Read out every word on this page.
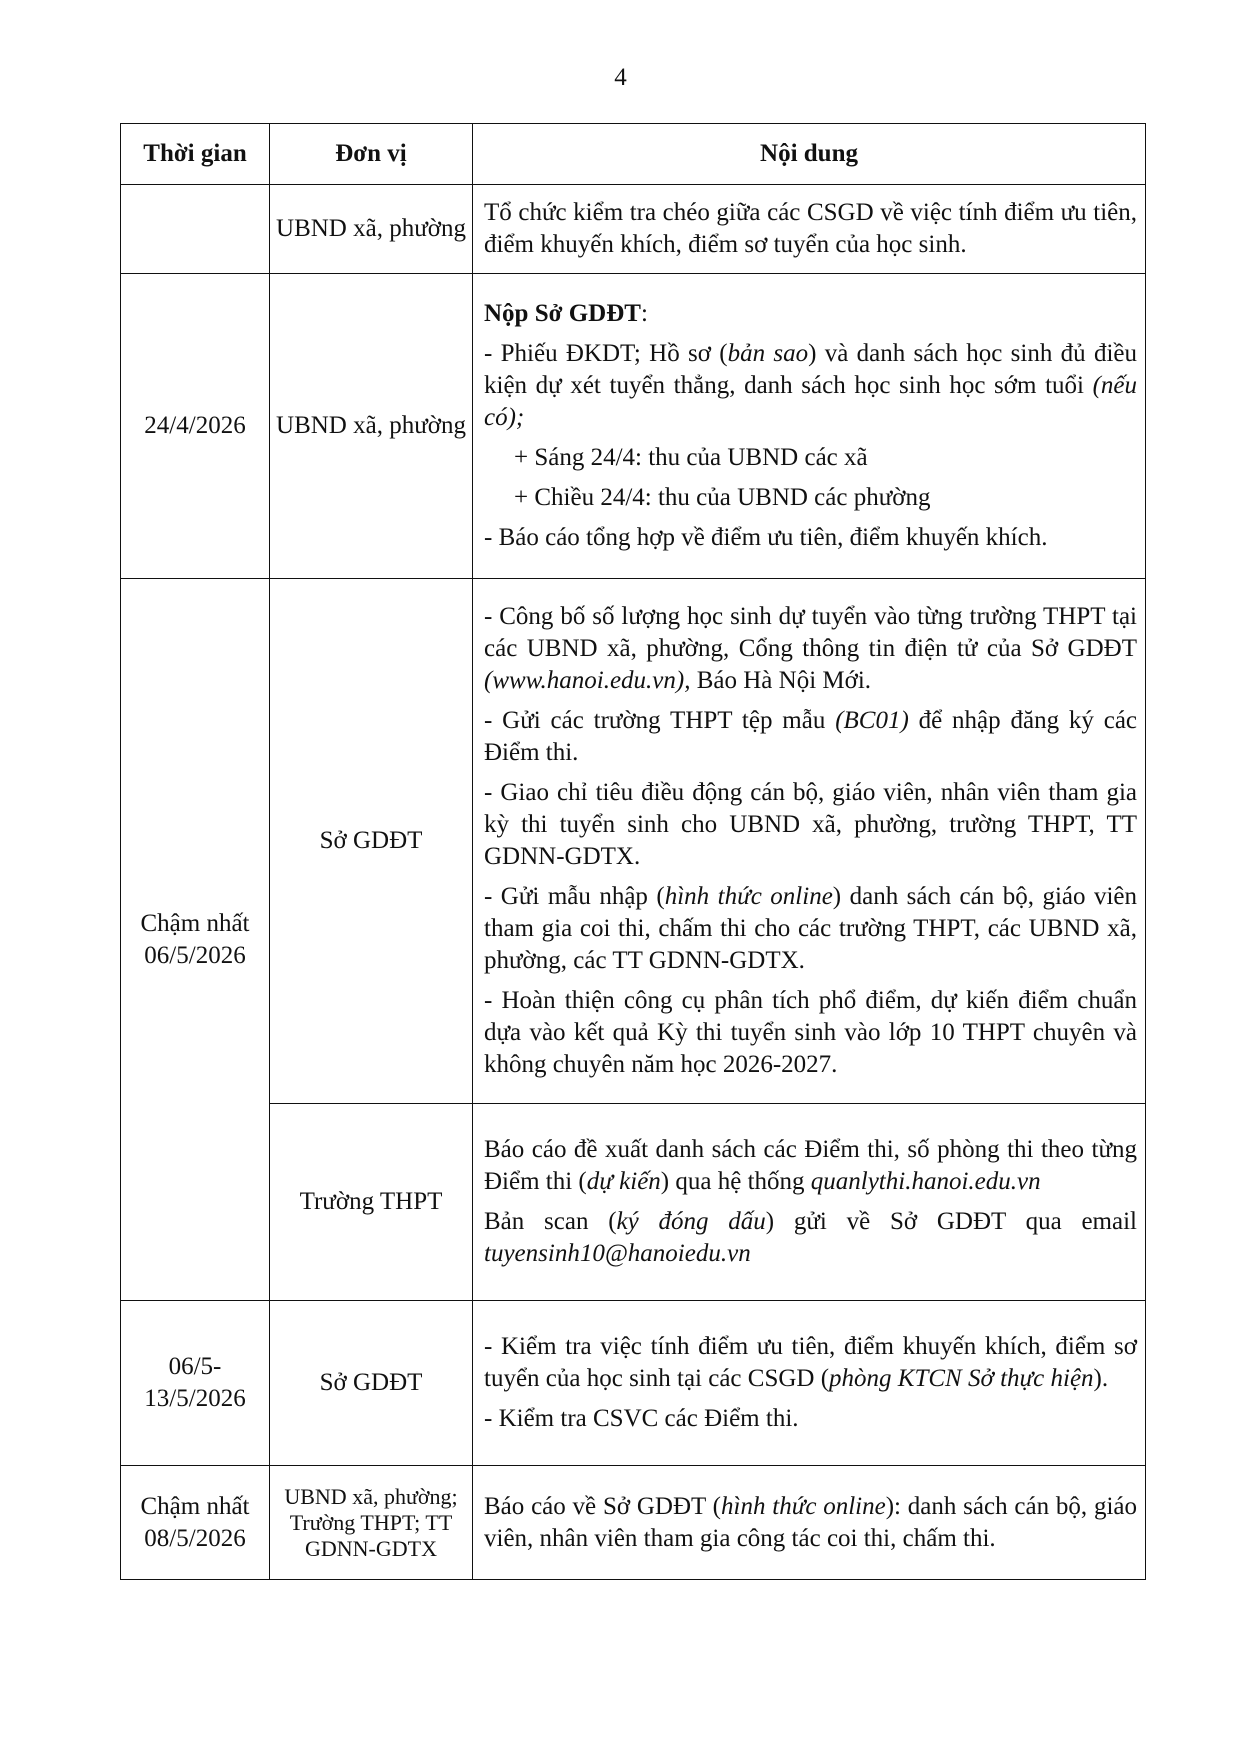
4
Thời gian	Đơn vị	Nội dung
	UBND xã, phường	Tổ chức kiểm tra chéo giữa các CSGD về việc tính điểm ưu tiên, điểm khuyến khích, điểm sơ tuyển của học sinh.

24/4/2026	UBND xã, phường	Nộp Sở GDĐT:

- Phiếu ĐKDT; Hồ sơ (bản sao) và danh sách học sinh đủ điều kiện dự xét tuyển thẳng, danh sách học sinh học sớm tuổi (nếu có);

+ Sáng 24/4: thu của UBND các xã

+ Chiều 24/4: thu của UBND các phường

- Báo cáo tổng hợp về điểm ưu tiên, điểm khuyến khích.

Chậm nhất 06/5/2026	Sở GDĐT	- Công bố số lượng học sinh dự tuyển vào từng trường THPT tại các UBND xã, phường, Cổng thông tin điện tử của Sở GDĐT (www.hanoi.edu.vn), Báo Hà Nội Mới.

- Gửi các trường THPT tệp mẫu (BC01) để nhập đăng ký các Điểm thi.

- Giao chỉ tiêu điều động cán bộ, giáo viên, nhân viên tham gia kỳ thi tuyển sinh cho UBND xã, phường, trường THPT, TT GDNN-GDTX.

- Gửi mẫu nhập (hình thức online) danh sách cán bộ, giáo viên tham gia coi thi, chấm thi cho các trường THPT, các UBND xã, phường, các TT GDNN-GDTX.

- Hoàn thiện công cụ phân tích phổ điểm, dự kiến điểm chuẩn dựa vào kết quả Kỳ thi tuyển sinh vào lớp 10 THPT chuyên và không chuyên năm học 2026-2027.

	Trường THPT	Báo cáo đề xuất danh sách các Điểm thi, số phòng thi theo từng Điểm thi (dự kiến) qua hệ thống quanlythi.hanoi.edu.vn

Bản scan (ký đóng dấu) gửi về Sở GDĐT qua email tuyensinh10@hanoiedu.vn

06/5-13/5/2026	Sở GDĐT	- Kiểm tra việc tính điểm ưu tiên, điểm khuyến khích, điểm sơ tuyển của học sinh tại các CSGD (phòng KTCN Sở thực hiện).

- Kiểm tra CSVC các Điểm thi.

Chậm nhất 08/5/2026	UBND xã, phường; Trường THPT; TT GDNN-GDTX	Báo cáo về Sở GDĐT (hình thức online): danh sách cán bộ, giáo viên, nhân viên tham gia công tác coi thi, chấm thi.
